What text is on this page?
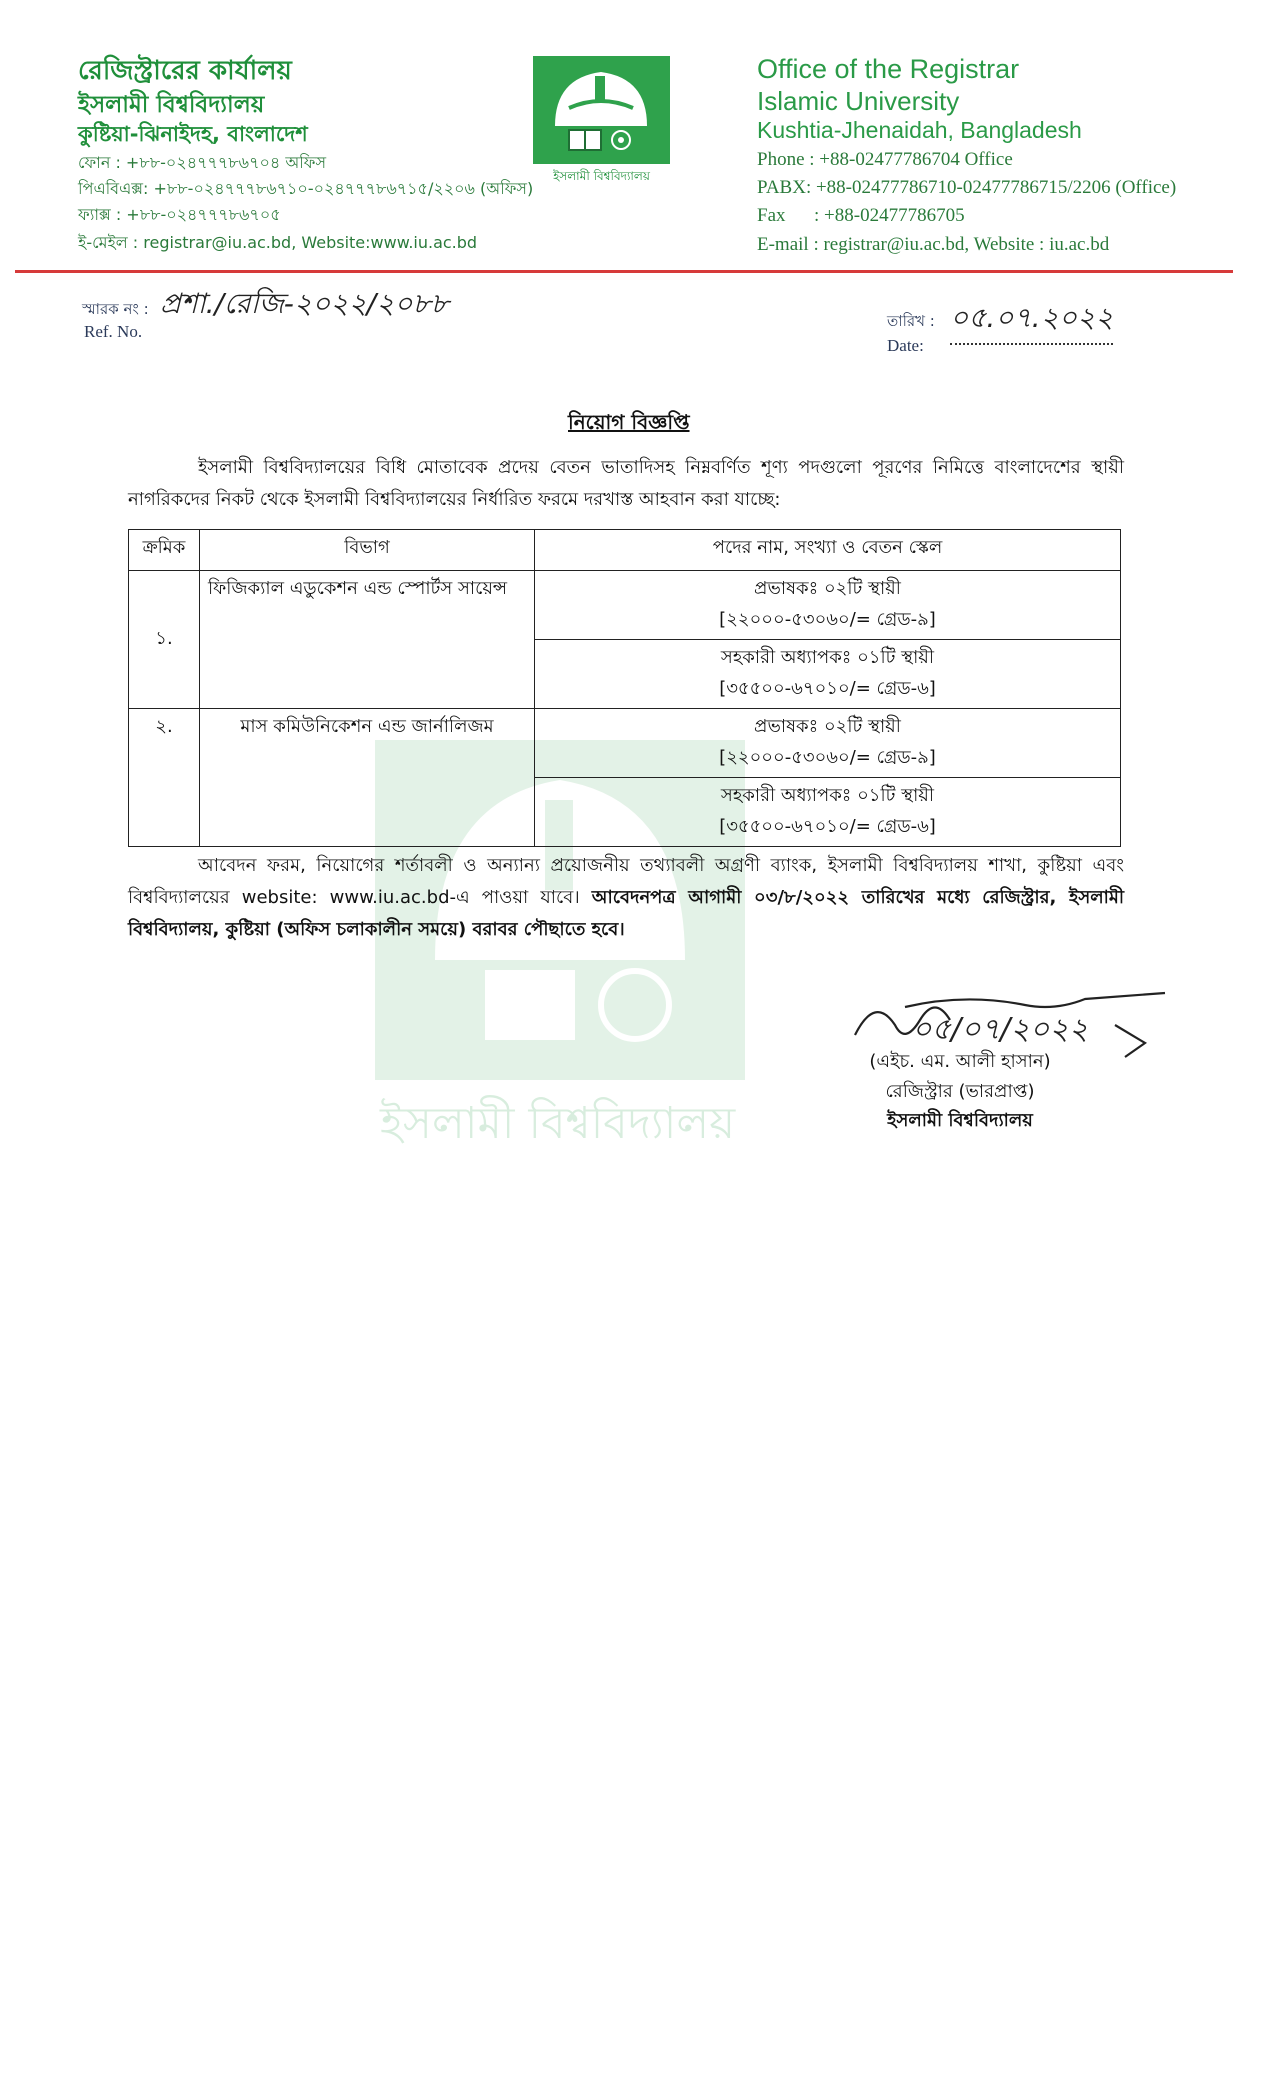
রেজিস্ট্রারের কার্যালয়
ইসলামী বিশ্ববিদ্যালয়
কুষ্টিয়া-ঝিনাইদহ, বাংলাদেশ
ফোন : +৮৮-০২৪৭৭৭৮৬৭০৪ অফিস
পিএবিএক্স: +৮৮-০২৪৭৭৭৮৬৭১০-০২৪৭৭৭৮৬৭১৫/২২০৬ (অফিস)
ফ্যাক্স : +৮৮-০২৪৭৭৭৮৬৭০৫
ই-মেইল : registrar@iu.ac.bd, Website:www.iu.ac.bd
ইসলামী বিশ্ববিদ্যালয়
Office of the Registrar
Islamic University
Kushtia-Jhenaidah, Bangladesh
Phone : +88-02477786704 Office
PABX: +88-02477786710-02477786715/2206 (Office)
Fax      : +88-02477786705
E-mail : registrar@iu.ac.bd, Website : iu.ac.bd
স্মারক নং :
Ref. No.
প্রশা./রেজি-২০২২/২০৮৮
তারিখ :
Date:
০৫.০৭.২০২২
ইসলামী বিশ্ববিদ্যালয়
নিয়োগ বিজ্ঞপ্তি
ইসলামী বিশ্ববিদ্যালয়ের বিধি মোতাবেক প্রদেয় বেতন ভাতাদিসহ নিম্নবর্ণিত শূণ্য পদগুলো পূরণের নিমিত্তে বাংলাদেশের স্থায়ী নাগরিকদের নিকট থেকে ইসলামী বিশ্ববিদ্যালয়ের নির্ধারিত ফরমে দরখাস্ত আহবান করা যাচ্ছে:
ক্রমিক	বিভাগ	পদের নাম, সংখ্যা ও বেতন স্কেল
১.	ফিজিক্যাল এডুকেশন এন্ড স্পোর্টস সায়েন্স	প্রভাষকঃ ০২টি স্থায়ী
[২২০০০-৫৩০৬০/= গ্রেড-৯]

		সহকারী অধ্যাপকঃ ০১টি স্থায়ী
[৩৫৫০০-৬৭০১০/= গ্রেড-৬]

২.	মাস কমিউনিকেশন এন্ড জার্নালিজম	প্রভাষকঃ ০২টি স্থায়ী
[২২০০০-৫৩০৬০/= গ্রেড-৯]

		সহকারী অধ্যাপকঃ ০১টি স্থায়ী
[৩৫৫০০-৬৭০১০/= গ্রেড-৬]
আবেদন ফরম, নিয়োগের শর্তাবলী ও অন্যান্য প্রয়োজনীয় তথ্যাবলী অগ্রণী ব্যাংক, ইসলামী বিশ্ববিদ্যালয় শাখা, কুষ্টিয়া এবং বিশ্ববিদ্যালয়ের website: www.iu.ac.bd-এ পাওয়া যাবে। আবেদনপত্র আগামী ০৩/৮/২০২২ তারিখের মধ্যে রেজিস্ট্রার, ইসলামী বিশ্ববিদ্যালয়, কুষ্টিয়া (অফিস চলাকালীন সময়ে) বরাবর পৌছাতে হবে।
০৫/০৭/২০২২
(এইচ. এম. আলী হাসান)
রেজিস্ট্রার (ভারপ্রাপ্ত)
ইসলামী বিশ্ববিদ্যালয়
